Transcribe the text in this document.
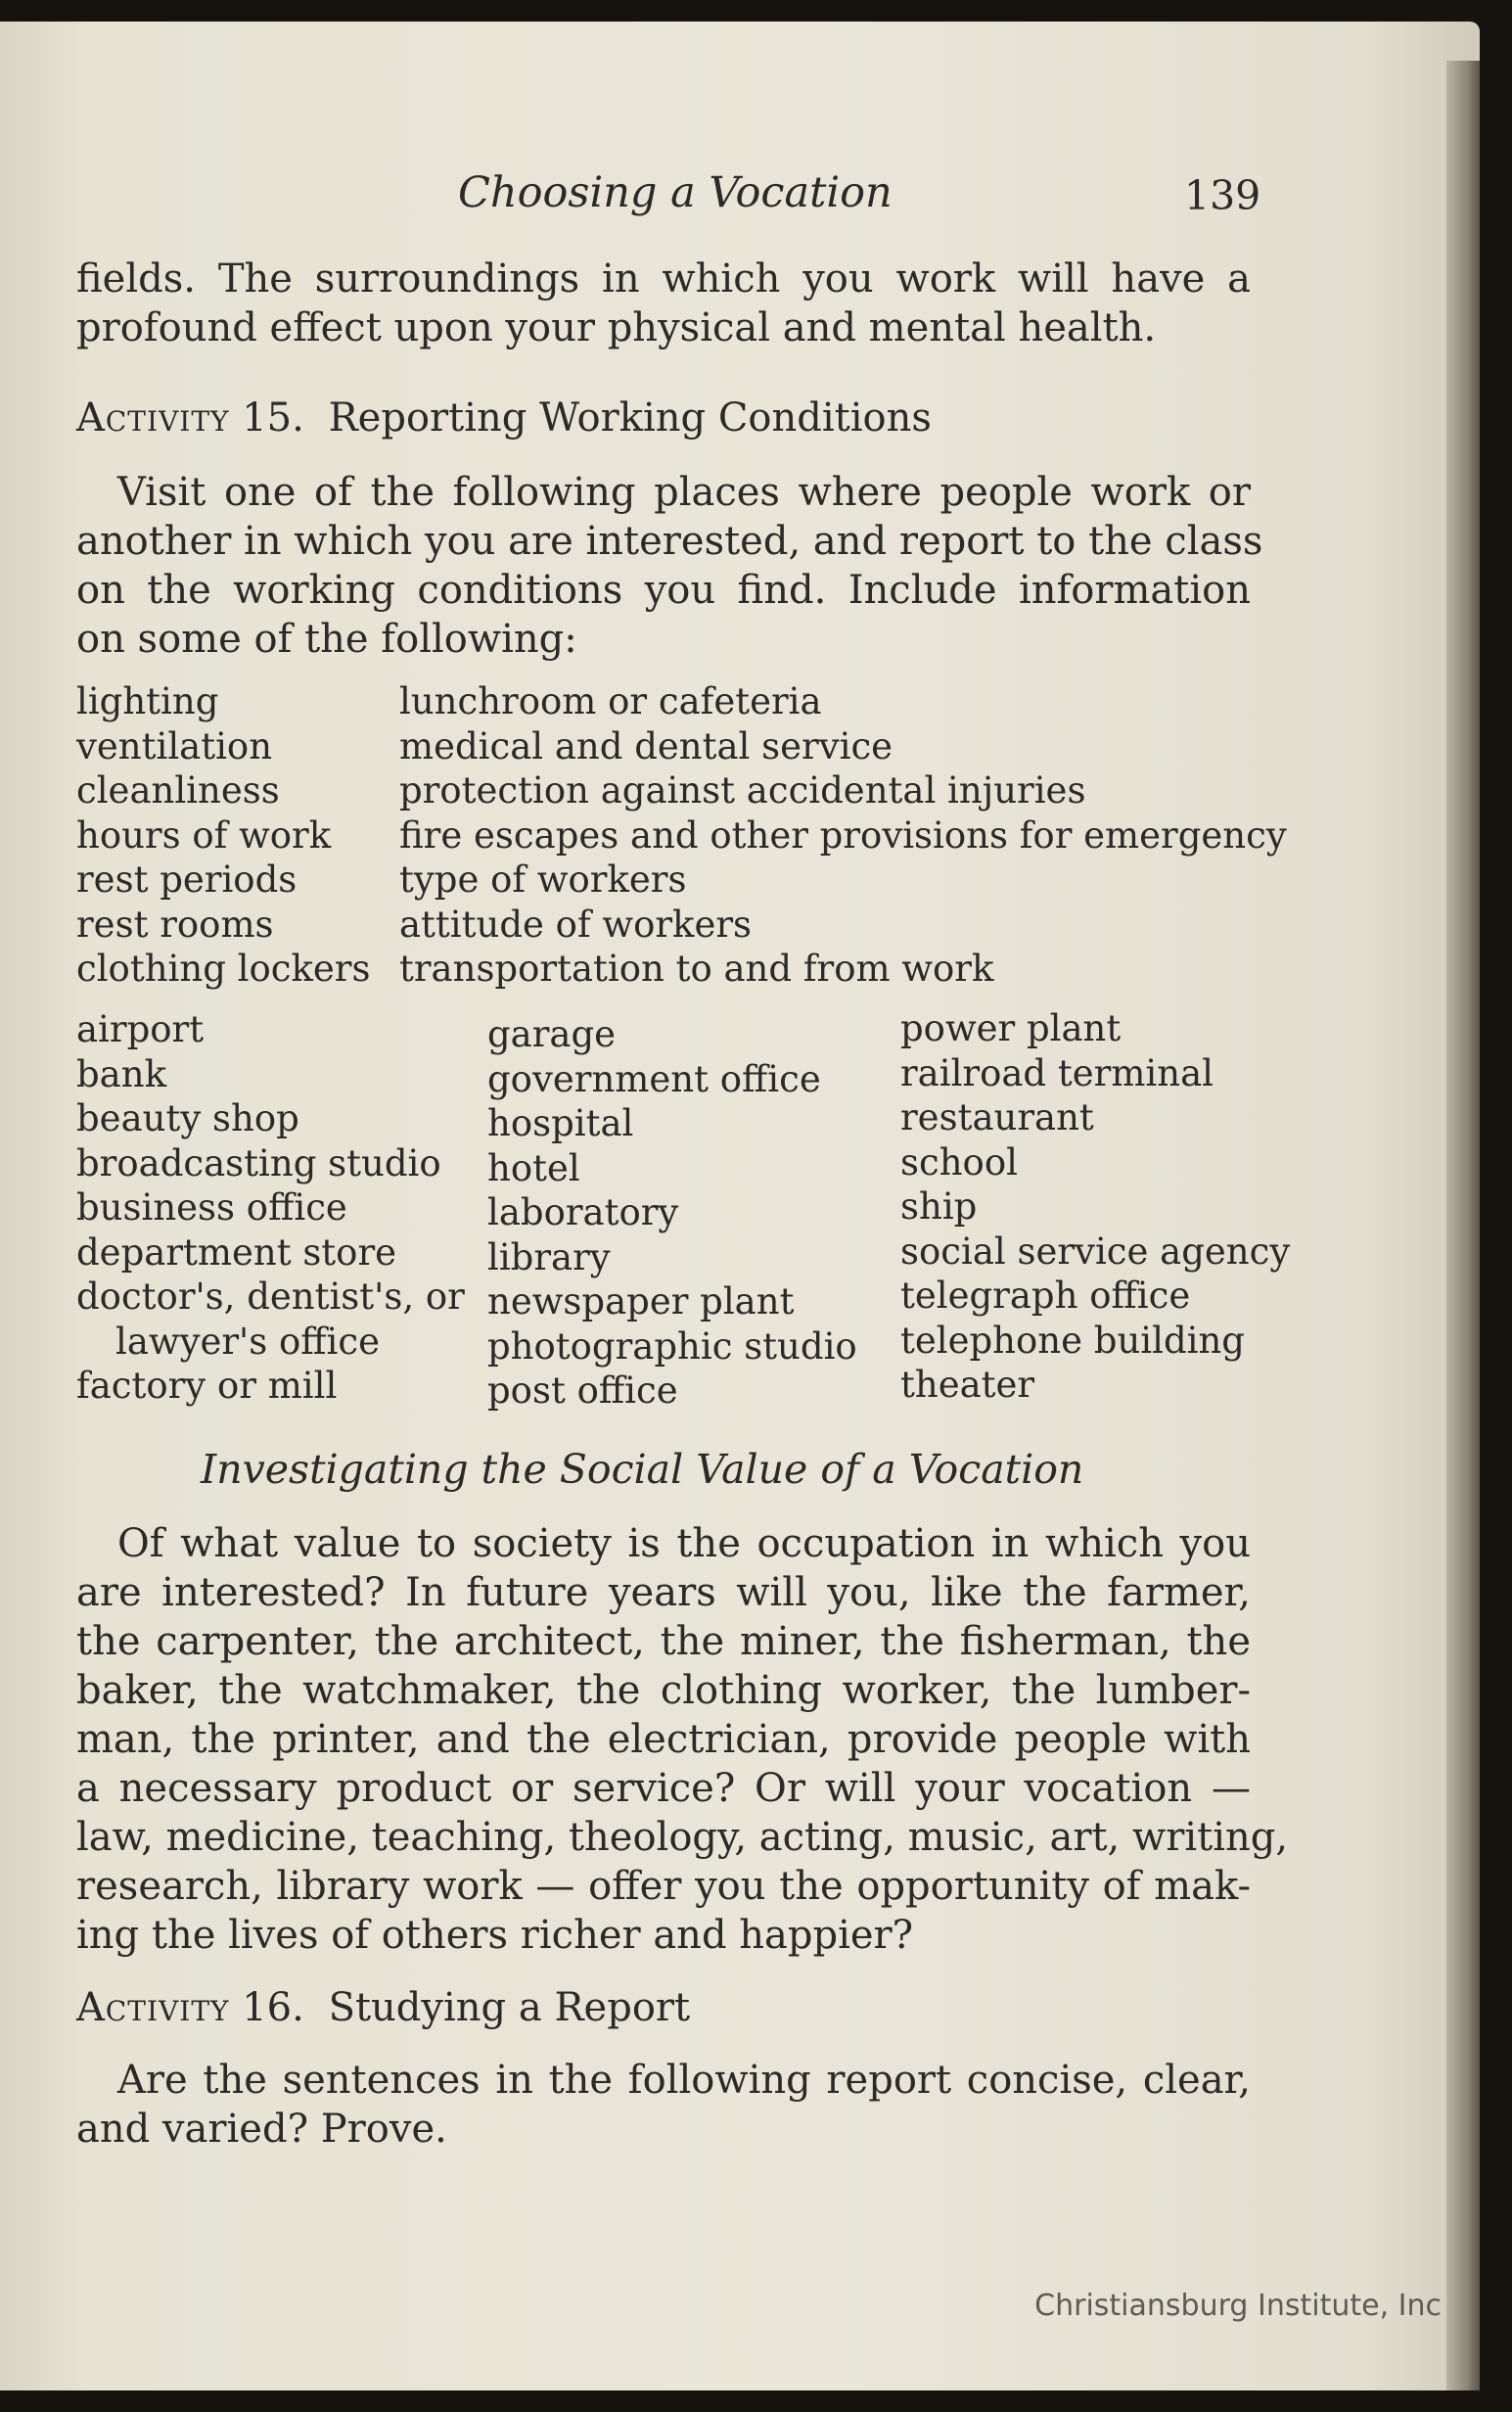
Choosing a Vocation	139
fields. The surroundings in which you work will have a
profound effect upon your physical and mental health.
Activity 15. Reporting Working Conditions
Visit one of the following places where people work or
another in which you are interested, and report to the class
on the working conditions you find. Include information
on some of the following:
lighting
ventilation
cleanliness
hours of work
rest periods
rest rooms
clothing lockers
lunchroom or cafeteria
medical and dental service
protection against accidental injuries
fire escapes and other provisions for emergency
type of workers
attitude of workers
transportation to and from work
airport
bank
beauty shop
broadcasting studio
business office
department store
doctor's, dentist's, or
lawyer's office
factory or mill
garage
government office
hospital
hotel
laboratory
library
newspaper plant
photographic studio
post office
power plant
railroad terminal
restaurant
school
ship
social service agency
telegraph office
telephone building
theater
Investigating the Social Value of a Vocation
Of what value to society is the occupation in which you
are interested? In future years will you, like the farmer,
the carpenter, the architect, the miner, the fisherman, the
baker, the watchmaker, the clothing worker, the lumber-
man, the printer, and the electrician, provide people with
a necessary product or service? Or will your vocation —
law, medicine, teaching, theology, acting, music, art, writing,
research, library work — offer you the opportunity of mak-
ing the lives of others richer and happier?
Activity 16. Studying a Report
Are the sentences in the following report concise, clear,
and varied? Prove.
Christiansburg Institute, Inc
